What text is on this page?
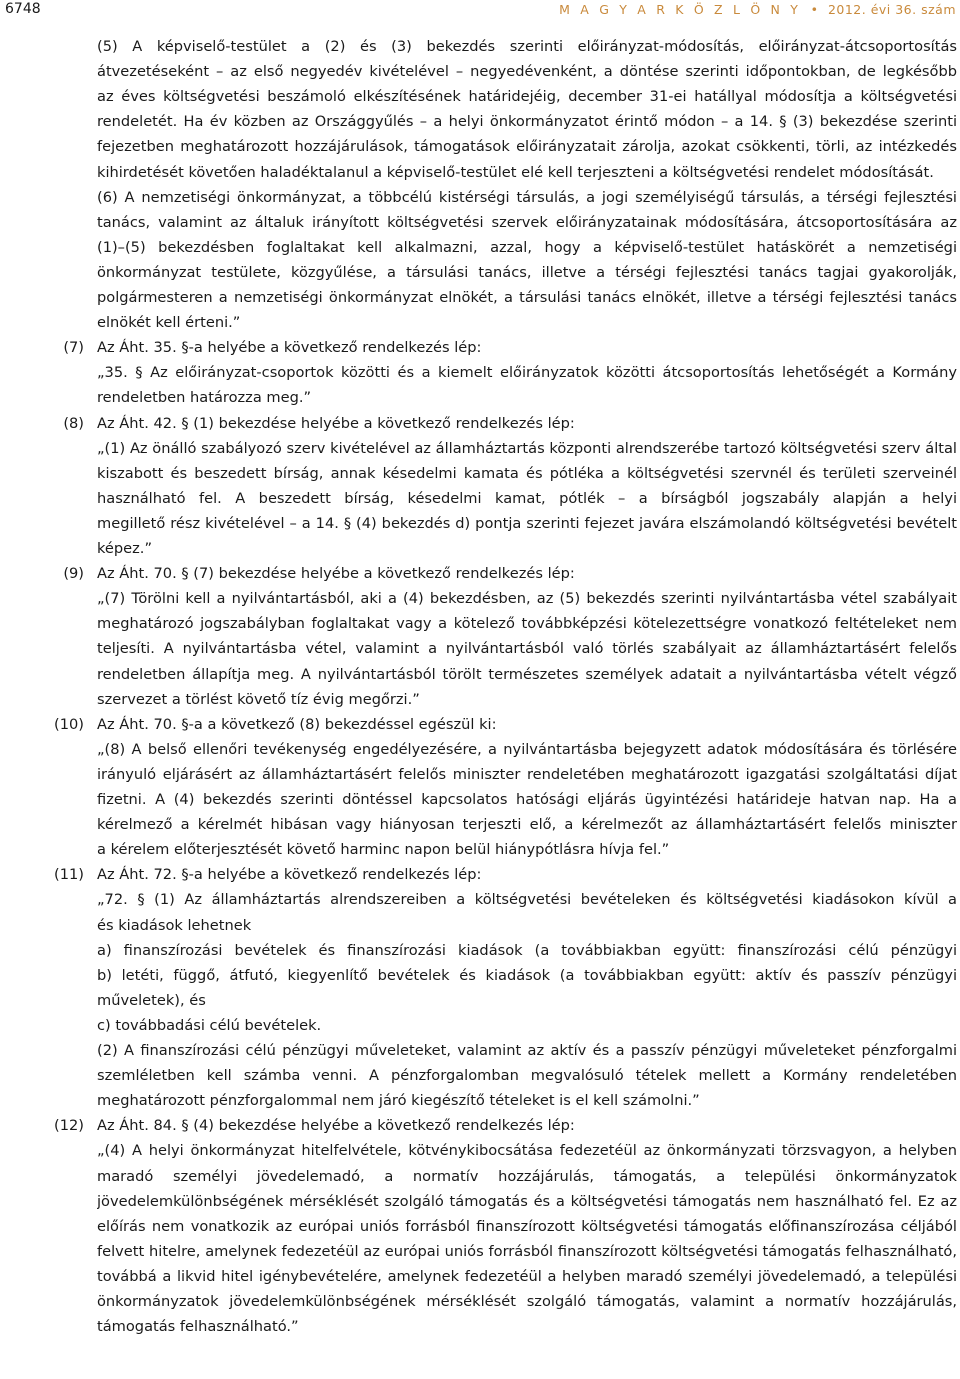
6748	M A G Y A R K Ö Z L Ö N Y • 2012. évi 36. szám
(5) A képviselő-testület a (2) és (3) bekezdés szerinti előirányzat-módosítás, előirányzat-átcsoportosítás
átvezetéseként – az első negyedév kivételével – negyedévenként, a döntése szerinti időpontokban, de legkésőbb
az éves költségvetési beszámoló elkészítésének határidejéig, december 31-ei hatállyal módosítja a költségvetési
rendeletét. Ha év közben az Országgyűlés – a helyi önkormányzatot érintő módon – a 14. § (3) bekezdése szerinti
fejezetben meghatározott hozzájárulások, támogatások előirányzatait zárolja, azokat csökkenti, törli, az intézkedés
kihirdetését követően haladéktalanul a képviselő-testület elé kell terjeszteni a költségvetési rendelet módosítását.
(6) A nemzetiségi önkormányzat, a többcélú kistérségi társulás, a jogi személyiségű társulás, a térségi fejlesztési
tanács, valamint az általuk irányított költségvetési szervek előirányzatainak módosítására, átcsoportosítására az
(1)–(5) bekezdésben foglaltakat kell alkalmazni, azzal, hogy a képviselő-testület hatáskörét a nemzetiségi
önkormányzat testülete, közgyűlése, a társulási tanács, illetve a térségi fejlesztési tanács tagjai gyakorolják,
polgármesteren a nemzetiségi önkormányzat elnökét, a társulási tanács elnökét, illetve a térségi fejlesztési tanács
elnökét kell érteni.”
(7) Az Áht. 35. §-a helyébe a következő rendelkezés lép:
„35. § Az előirányzat-csoportok közötti és a kiemelt előirányzatok közötti átcsoportosítás lehetőségét a Kormány
rendeletben határozza meg.”
(8) Az Áht. 42. § (1) bekezdése helyébe a következő rendelkezés lép:
„(1) Az önálló szabályozó szerv kivételével az államháztartás központi alrendszerébe tartozó költségvetési szerv által
kiszabott és beszedett bírság, annak késedelmi kamata és pótléka a költségvetési szervnél és területi szerveinél
használható fel. A beszedett bírság, késedelmi kamat, pótlék – a bírságból jogszabály alapján a helyi
megillető rész kivételével – a 14. § (4) bekezdés d) pontja szerinti fejezet javára elszámolandó költségvetési bevételt
képez.”
(9) Az Áht. 70. § (7) bekezdése helyébe a következő rendelkezés lép:
„(7) Törölni kell a nyilvántartásból, aki a (4) bekezdésben, az (5) bekezdés szerinti nyilvántartásba vétel szabályait
meghatározó jogszabályban foglaltakat vagy a kötelező továbbképzési kötelezettségre vonatkozó feltételeket nem
teljesíti. A nyilvántartásba vétel, valamint a nyilvántartásból való törlés szabályait az államháztartásért felelős
rendeletben állapítja meg. A nyilvántartásból törölt természetes személyek adatait a nyilvántartásba vételt végző
szervezet a törlést követő tíz évig megőrzi.”
(10) Az Áht. 70. §-a a következő (8) bekezdéssel egészül ki:
„(8) A belső ellenőri tevékenység engedélyezésére, a nyilvántartásba bejegyzett adatok módosítására és törlésére
irányuló eljárásért az államháztartásért felelős miniszter rendeletében meghatározott igazgatási szolgáltatási díjat
fizetni. A (4) bekezdés szerinti döntéssel kapcsolatos hatósági eljárás ügyintézési határideje hatvan nap. Ha a
kérelmező a kérelmét hibásan vagy hiányosan terjeszti elő, a kérelmezőt az államháztartásért felelős miniszter
a kérelem előterjesztését követő harminc napon belül hiánypótlásra hívja fel.”
(11) Az Áht. 72. §-a helyébe a következő rendelkezés lép:
„72. § (1) Az államháztartás alrendszereiben a költségvetési bevételeken és költségvetési kiadásokon kívül a
és kiadások lehetnek
a) finanszírozási bevételek és finanszírozási kiadások (a továbbiakban együtt: finanszírozási célú pénzügyi
b) letéti, függő, átfutó, kiegyenlítő bevételek és kiadások (a továbbiakban együtt: aktív és passzív pénzügyi
műveletek), és
c) továbbadási célú bevételek.
(2) A finanszírozási célú pénzügyi műveleteket, valamint az aktív és a passzív pénzügyi műveleteket pénzforgalmi
szemléletben kell számba venni. A pénzforgalomban megvalósuló tételek mellett a Kormány rendeletében
meghatározott pénzforgalommal nem járó kiegészítő tételeket is el kell számolni.”
(12) Az Áht. 84. § (4) bekezdése helyébe a következő rendelkezés lép:
„(4) A helyi önkormányzat hitelfelvétele, kötvénykibocsátása fedezetéül az önkormányzati törzsvagyon, a helyben
maradó személyi jövedelemadó, a normatív hozzájárulás, támogatás, a települési önkormányzatok
jövedelemkülönbségének mérséklését szolgáló támogatás és a költségvetési támogatás nem használható fel. Ez az
előírás nem vonatkozik az európai uniós forrásból finanszírozott költségvetési támogatás előfinanszírozása céljából
felvett hitelre, amelynek fedezetéül az európai uniós forrásból finanszírozott költségvetési támogatás felhasználható,
továbbá a likvid hitel igénybevételére, amelynek fedezetéül a helyben maradó személyi jövedelemadó, a települési
önkormányzatok jövedelemkülönbségének mérséklését szolgáló támogatás, valamint a normatív hozzájárulás,
támogatás felhasználható.”
